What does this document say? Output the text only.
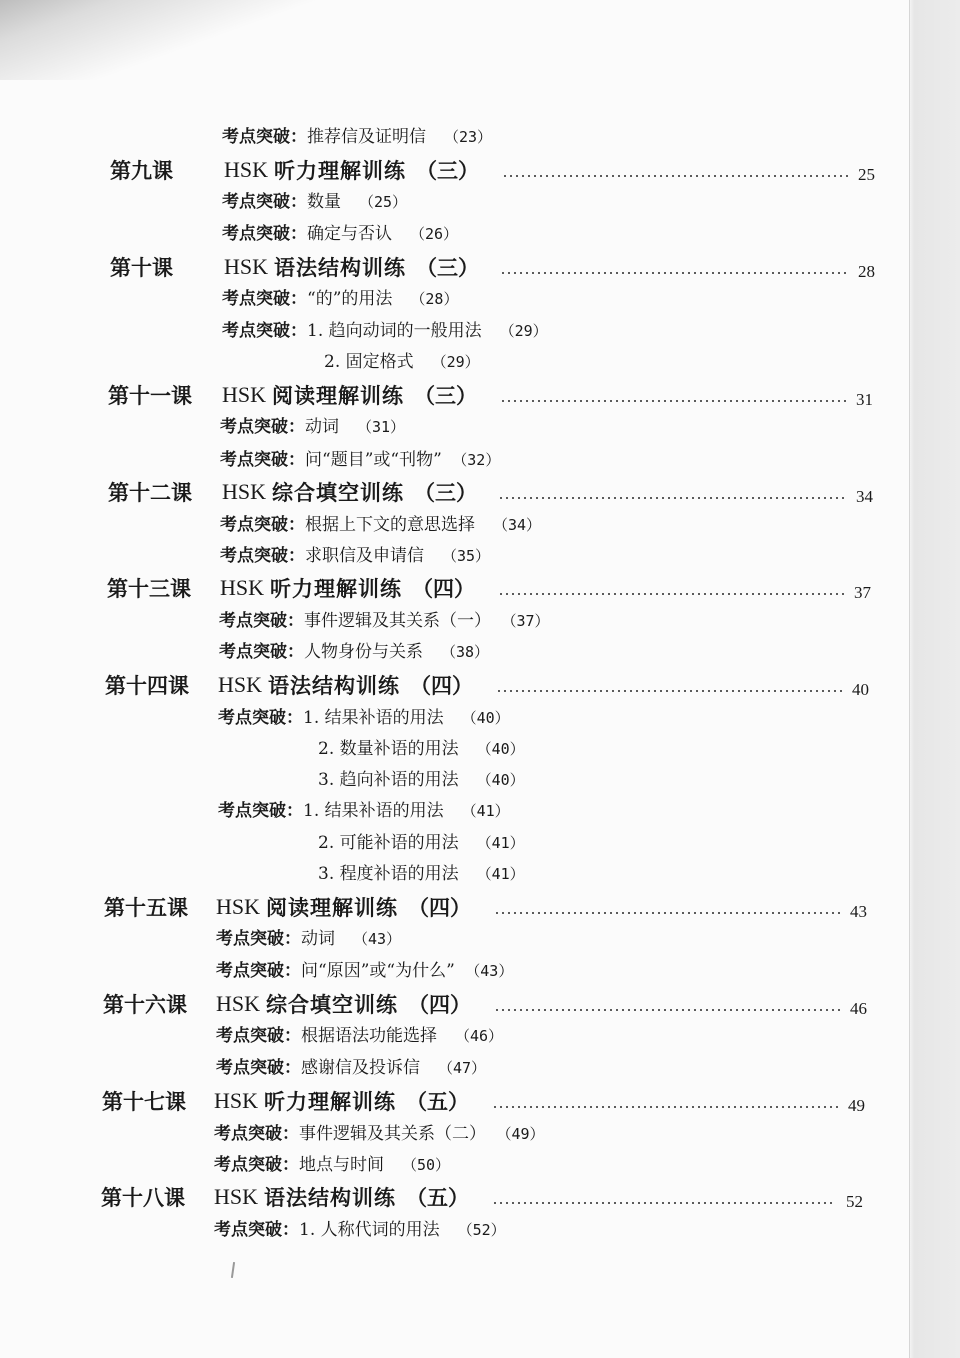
考点突破：推荐信及证明信 （23）
第九课 HSK 听力理解训练 （三）	25
考点突破：数量 （25）
考点突破：确定与否认 （26）
第十课 HSK 语法结构训练 （三）	28
考点突破：“的”的用法 （28）
考点突破：1. 趋向动词的一般用法 （29）
2. 固定格式 （29）
第十一课 HSK 阅读理解训练 （三）	31
考点突破：动词 （31）
考点突破：问“题目”或“刊物” （32）
第十二课 HSK 综合填空训练 （三）	34
考点突破：根据上下文的意思选择 （34）
考点突破：求职信及申请信 （35）
第十三课 HSK 听力理解训练 （四）	37
考点突破：事件逻辑及其关系（一） （37）
考点突破：人物身份与关系 （38）
第十四课 HSK 语法结构训练 （四）	40
考点突破：1. 结果补语的用法 （40）
2. 数量补语的用法 （40）
3. 趋向补语的用法 （40）
考点突破：1. 结果补语的用法 （41）
2. 可能补语的用法 （41）
3. 程度补语的用法 （41）
第十五课 HSK 阅读理解训练 （四）	43
考点突破：动词 （43）
考点突破：问“原因”或“为什么” （43）
第十六课 HSK 综合填空训练 （四）	46
考点突破：根据语法功能选择 （46）
考点突破：感谢信及投诉信 （47）
第十七课 HSK 听力理解训练 （五）	49
考点突破：事件逻辑及其关系（二） （49）
考点突破：地点与时间 （50）
第十八课 HSK 语法结构训练 （五）	52
考点突破：1. 人称代词的用法 （52）
